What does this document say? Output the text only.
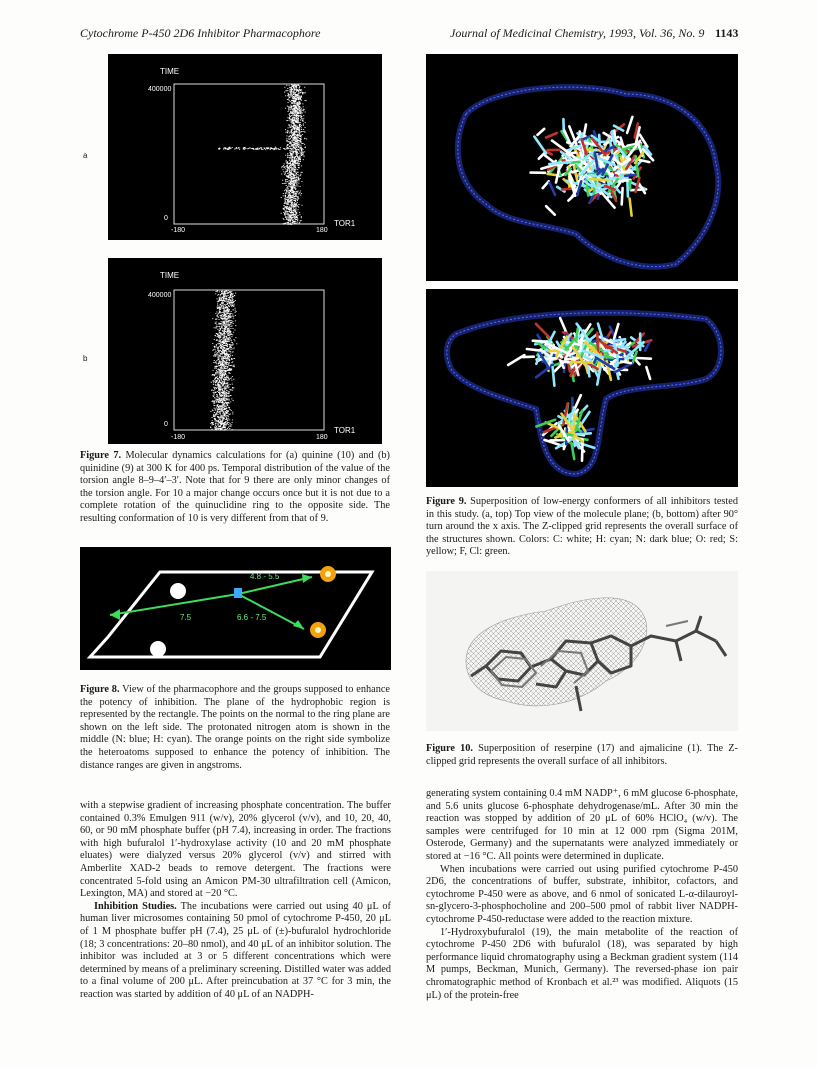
Cytochrome P-450 2D6 Inhibitor Pharmacophore	Journal of Medicinal Chemistry, 1993, Vol. 36, No. 9 1143
a
TIME
400000
0
-180	180
TOR1
b
TIME
400000
0
-180	180
TOR1
Figure 7. Molecular dynamics calculations for (a) quinine (10) and (b) quinidine (9) at 300 K for 400 ps. Temporal distribution of the value of the torsion angle 8–9–4′–3′. Note that for 9 there are only minor changes of the torsion angle. For 10 a major change occurs once but it is not due to a complete rotation of the quinuclidine ring to the opposite side. The resulting conformation of 10 is very different from that of 9.
4.8 - 5.5
7.5	6.6 - 7.5
Figure 8. View of the pharmacophore and the groups supposed to enhance the potency of inhibition. The plane of the hydrophobic region is represented by the rectangle. The points on the normal to the ring plane are shown on the left side. The protonated nitrogen atom is shown in the middle (N: blue; H: cyan). The orange points on the right side symbolize the heteroatoms supposed to enhance the potency of inhibition. The distance ranges are given in angstroms.
Figure 9. Superposition of low-energy conformers of all inhibitors tested in this study. (a, top) Top view of the molecule plane; (b, bottom) after 90° turn around the x axis. The Z-clipped grid represents the overall surface of the structures shown. Colors: C: white; H: cyan; N: dark blue; O: red; S: yellow; F, Cl: green.
Figure 10. Superposition of reserpine (17) and ajmalicine (1). The Z-clipped grid represents the overall surface of all inhibitors.

with a stepwise gradient of increasing phosphate concentration. The buffer contained 0.3% Emulgen 911 (w/v), 20% glycerol (v/v), and 10, 20, 40, 60, or 90 mM phosphate buffer (pH 7.4), increasing in order. The fractions with high bufuralol 1′-hydroxylase activity (10 and 20 mM phosphate eluates) were dialyzed versus 20% glycerol (v/v) and stirred with Amberlite XAD-2 beads to remove detergent. The fractions were concentrated 5-fold using an Amicon PM-30 ultrafiltration cell (Amicon, Lexington, MA) and stored at −20 °C.

Inhibition Studies. The incubations were carried out using 40 μL of human liver microsomes containing 50 pmol of cytochrome P-450, 20 μL of 1 M phosphate buffer pH (7.4), 25 μL of (±)-bufuralol hydrochloride (18; 3 concentrations: 20–80 nmol), and 40 μL of an inhibitor solution. The inhibitor was included at 3 or 5 different concentrations which were determined by means of a preliminary screening. Distilled water was added to a final volume of 200 μL. After preincubation at 37 °C for 3 min, the reaction was started by addition of 40 μL of an NADPH-

generating system containing 0.4 mM NADP⁺, 6 mM glucose 6-phosphate, and 5.6 units glucose 6-phosphate dehydrogenase/mL. After 30 min the reaction was stopped by addition of 20 μL of 60% HClO₄ (w/v). The samples were centrifuged for 10 min at 12 000 rpm (Sigma 201M, Osterode, Germany) and the supernatants were analyzed immediately or stored at −16 °C. All points were determined in duplicate.

When incubations were carried out using purified cytochrome P-450 2D6, the concentrations of buffer, substrate, inhibitor, cofactors, and cytochrome P-450 were as above, and 6 nmol of sonicated L-α-dilauroyl-sn-glycero-3-phosphocholine and 200–500 pmol of rabbit liver NADPH-cytochrome P-450-reductase were added to the reaction mixture.

1′-Hydroxybufuralol (19), the main metabolite of the reaction of cytochrome P-450 2D6 with bufuralol (18), was separated by high performance liquid chromatography using a Beckman gradient system (114 M pumps, Beckman, Munich, Germany). The reversed-phase ion pair chromatographic method of Kronbach et al.²³ was modified. Aliquots (15 μL) of the protein-free
